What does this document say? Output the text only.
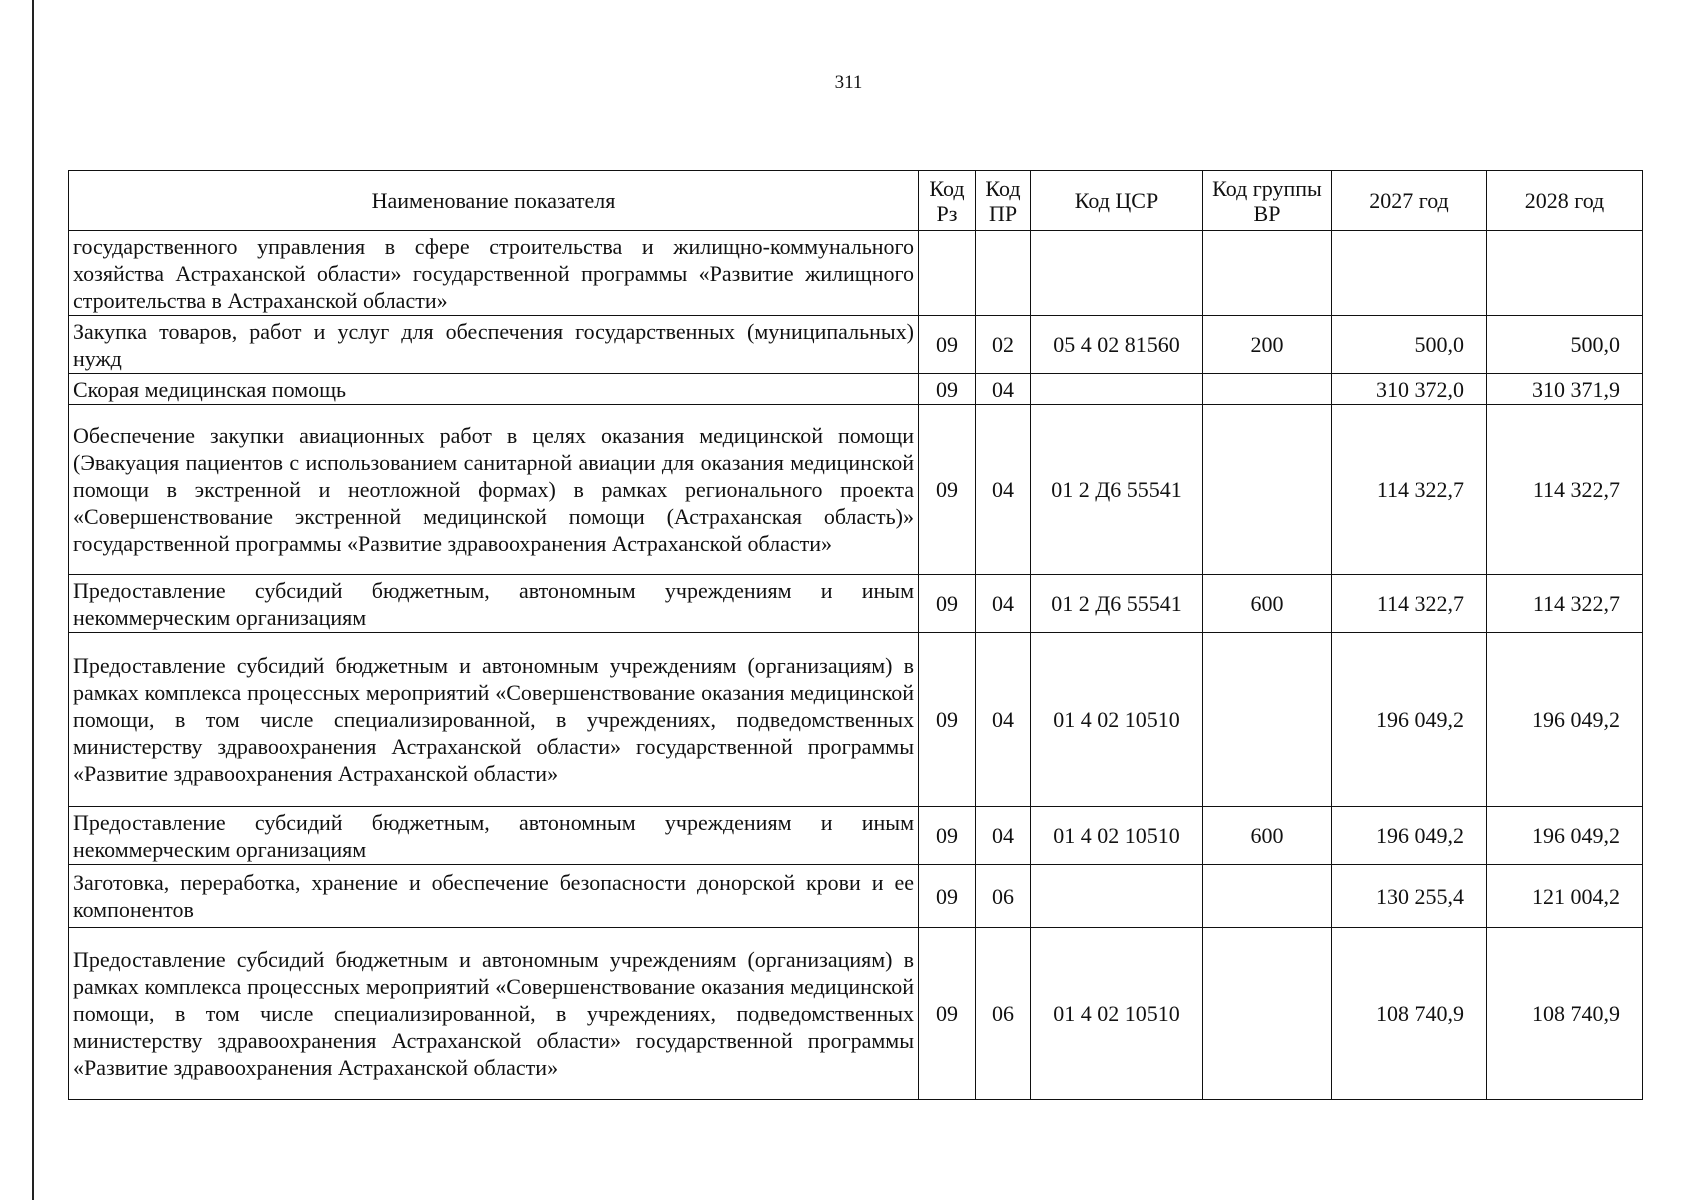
311
Наименование показателя	Код Рз	Код ПР	Код ЦСР	Код группы ВР	2027 год	2028 год
государственного управления в сфере строительства и жилищно-коммунального хозяйства Астраханской области» государственной программы «Развитие жилищного строительства в Астраханской области»						
Закупка товаров, работ и услуг для обеспечения государственных (муниципальных) нужд	09	02	05 4 02 81560	200	500,0	500,0
Скорая медицинская помощь	09	04			310 372,0	310 371,9
Обеспечение закупки авиационных работ в целях оказания медицинской помощи (Эвакуация пациентов с использованием санитарной авиации для оказания медицинской помощи в экстренной и неотложной формах) в рамках регионального проекта «Совершенствование экстренной медицинской помощи (Астраханская область)» государственной программы «Развитие здравоохранения Астраханской области»	09	04	01 2 Д6 55541		114 322,7	114 322,7
Предоставление субсидий бюджетным, автономным учреждениям и иным некоммерческим организациям	09	04	01 2 Д6 55541	600	114 322,7	114 322,7
Предоставление субсидий бюджетным и автономным учреждениям (организациям) в рамках комплекса процессных мероприятий «Совершенствование оказания медицинской помощи, в том числе специализированной, в учреждениях, подведомственных министерству здравоохранения Астраханской области» государственной программы «Развитие здравоохранения Астраханской области»	09	04	01 4 02 10510		196 049,2	196 049,2
Предоставление субсидий бюджетным, автономным учреждениям и иным некоммерческим организациям	09	04	01 4 02 10510	600	196 049,2	196 049,2
Заготовка, переработка, хранение и обеспечение безопасности донорской крови и ее компонентов	09	06			130 255,4	121 004,2
Предоставление субсидий бюджетным и автономным учреждениям (организациям) в рамках комплекса процессных мероприятий «Совершенствование оказания медицинской помощи, в том числе специализированной, в учреждениях, подведомственных министерству здравоохранения Астраханской области» государственной программы «Развитие здравоохранения Астраханской области»	09	06	01 4 02 10510		108 740,9	108 740,9
